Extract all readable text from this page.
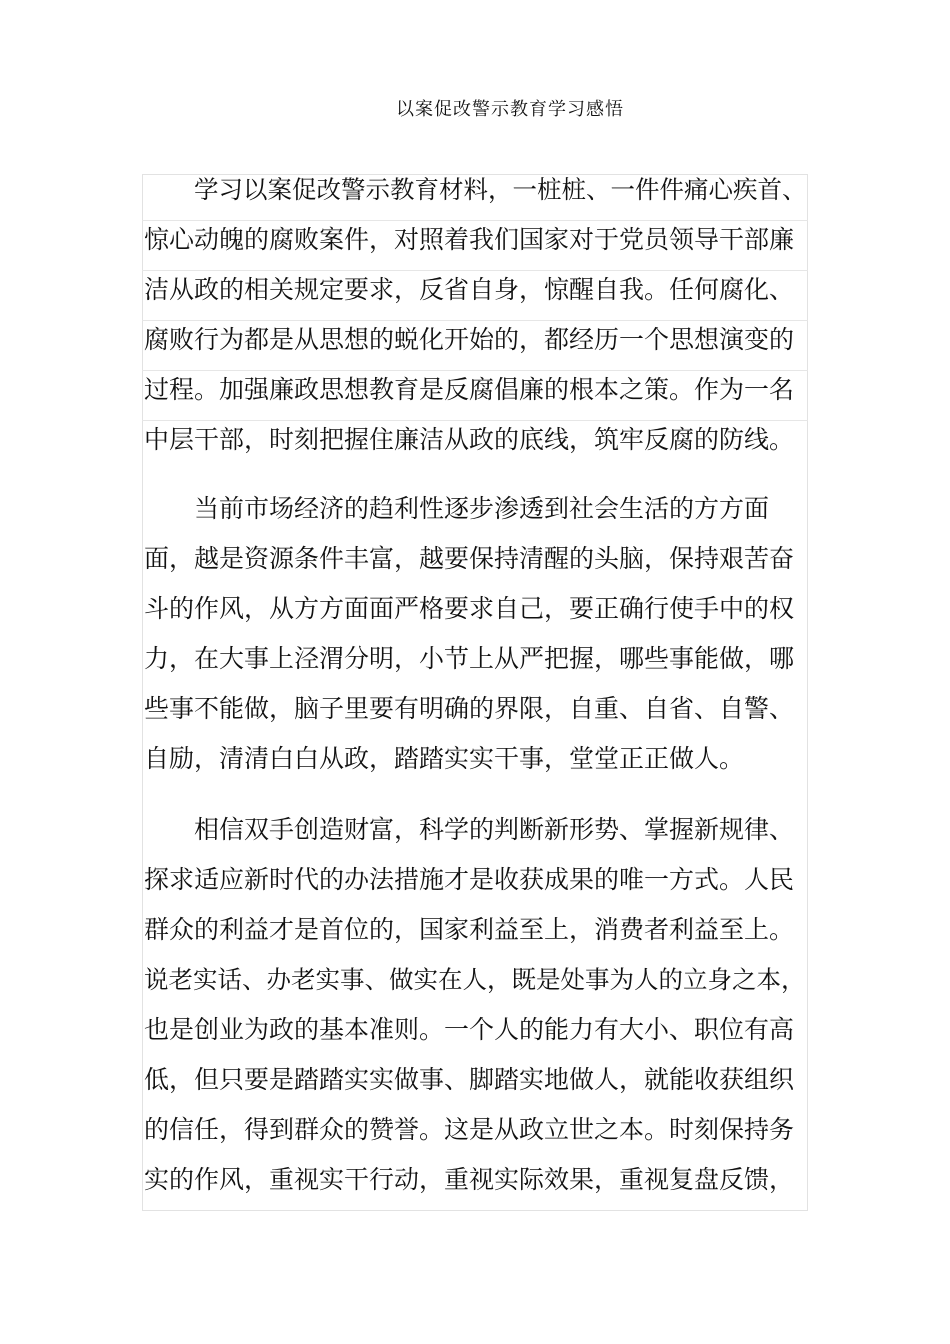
以案促改警示教育学习感悟
学习以案促改警示教育材料，一桩桩、一件件痛心疾首、
惊心动魄的腐败案件，对照着我们国家对于党员领导干部廉
洁从政的相关规定要求，反省自身，惊醒自我。任何腐化、
腐败行为都是从思想的蜕化开始的，都经历一个思想演变的
过程。加强廉政思想教育是反腐倡廉的根本之策。作为一名
中层干部，时刻把握住廉洁从政的底线，筑牢反腐的防线。
当前市场经济的趋利性逐步渗透到社会生活的方方面
面，越是资源条件丰富，越要保持清醒的头脑，保持艰苦奋
斗的作风，从方方面面严格要求自己，要正确行使手中的权
力，在大事上泾渭分明，小节上从严把握，哪些事能做，哪
些事不能做，脑子里要有明确的界限，自重、自省、自警、
自励，清清白白从政，踏踏实实干事，堂堂正正做人。
相信双手创造财富，科学的判断新形势、掌握新规律、
探求适应新时代的办法措施才是收获成果的唯一方式。人民
群众的利益才是首位的，国家利益至上，消费者利益至上。
说老实话、办老实事、做实在人，既是处事为人的立身之本，
也是创业为政的基本准则。一个人的能力有大小、职位有高
低，但只要是踏踏实实做事、脚踏实地做人，就能收获组织
的信任，得到群众的赞誉。这是从政立世之本。时刻保持务
实的作风，重视实干行动，重视实际效果，重视复盘反馈，
